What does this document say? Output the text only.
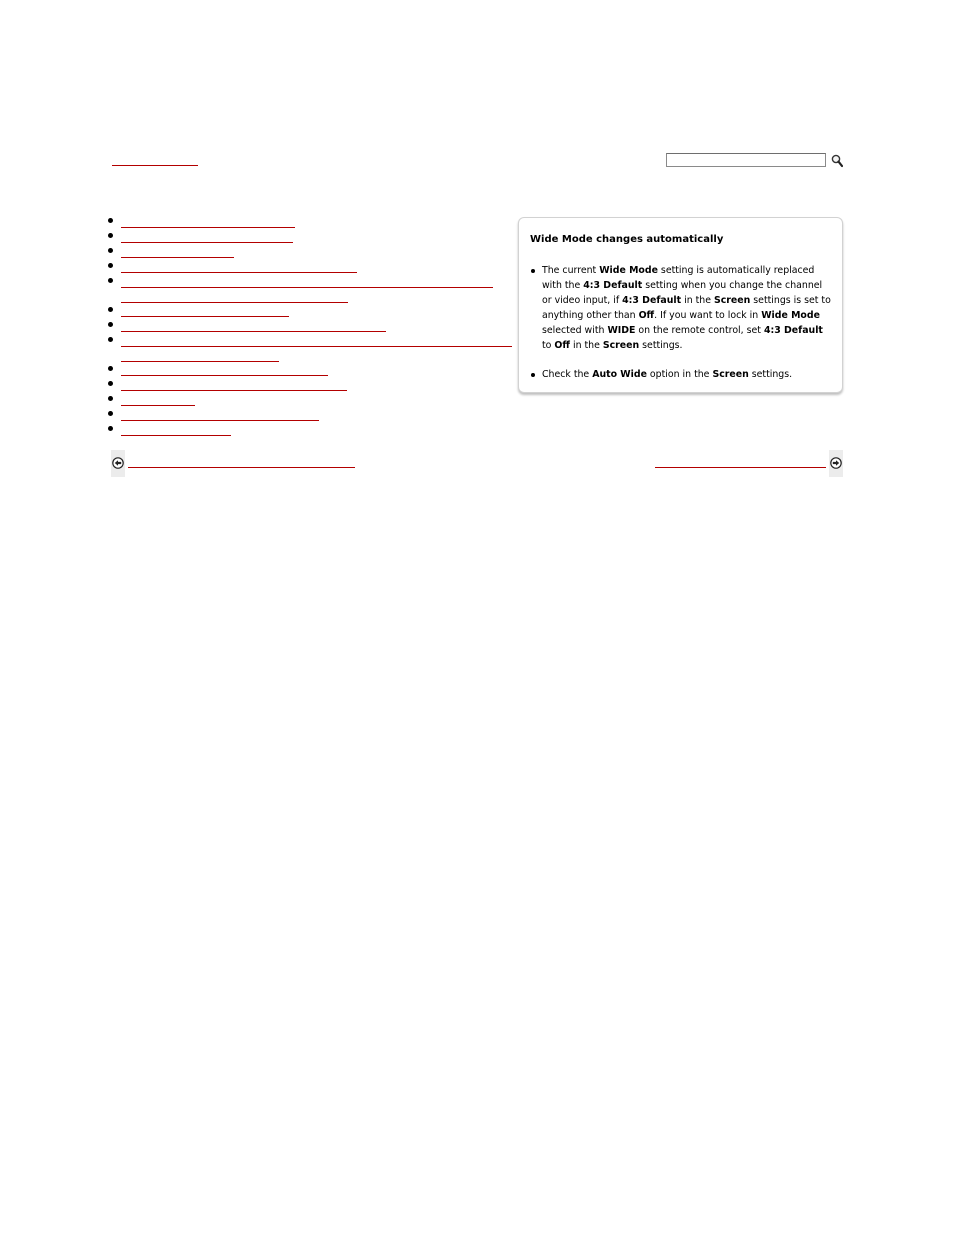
Wide Mode changes automatically
The current Wide Mode setting is automatically replaced with the 4:3 Default setting when you change the channel or video input, if 4:3 Default in the Screen settings is set to anything other than Off. If you want to lock in Wide Mode selected with WIDE on the remote control, set 4:3 Default to Off in the Screen settings.
Check the Auto Wide option in the Screen settings.
